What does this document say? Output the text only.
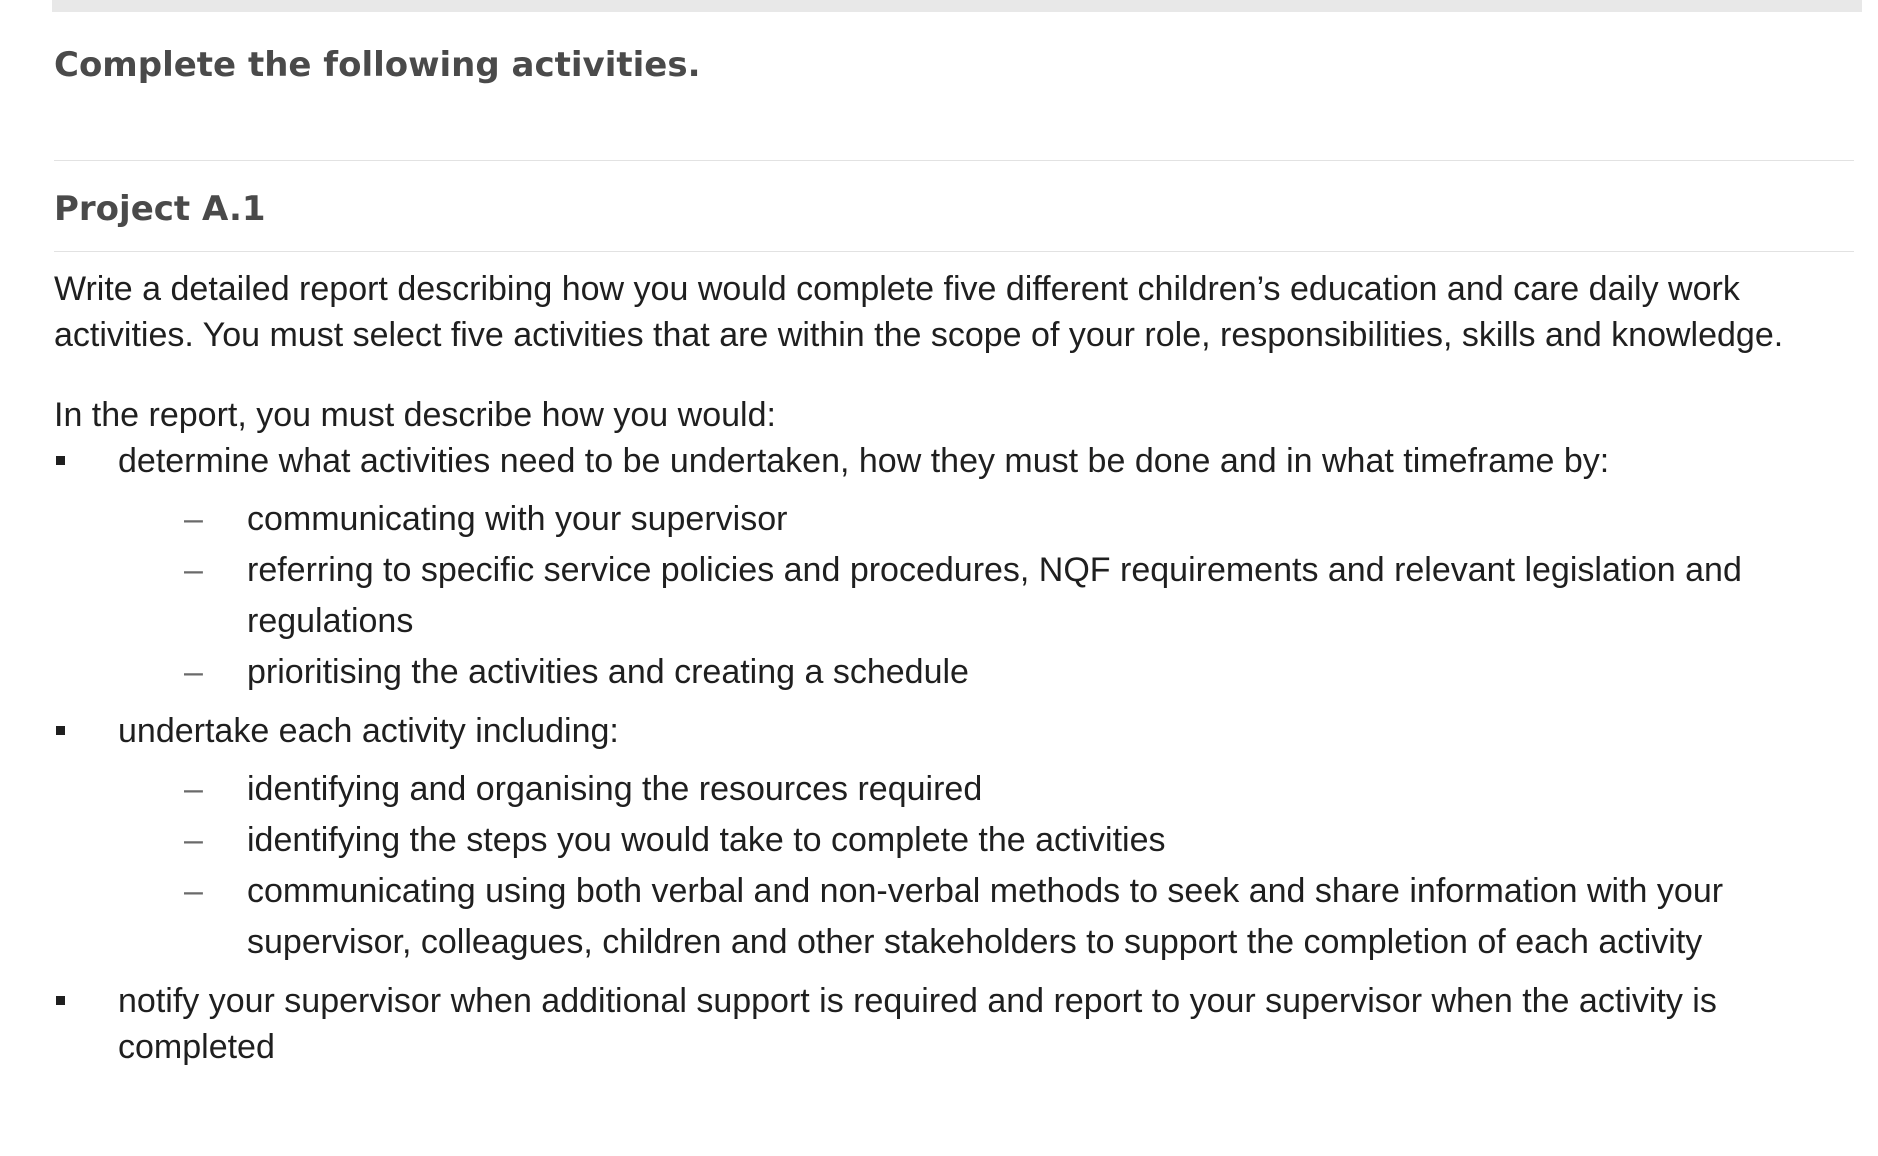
Complete the following activities.
Project A.1

Write a detailed report describing how you would complete five different children’s education and care daily work activities. You must select five activities that are within the scope of your role, responsibilities, skills and knowledge.

In the report, you must describe how you would:

determine what activities need to be undertaken, how they must be done and in what timeframe by:
– communicating with your supervisor
– referring to specific service policies and procedures, NQF requirements and relevant legislation and regulations
– prioritising the activities and creating a schedule
undertake each activity including:
– identifying and organising the resources required
– identifying the steps you would take to complete the activities
– communicating using both verbal and non-verbal methods to seek and share information with your supervisor, colleagues, children and other stakeholders to support the completion of each activity
notify your supervisor when additional support is required and report to your supervisor when the activity is completed
